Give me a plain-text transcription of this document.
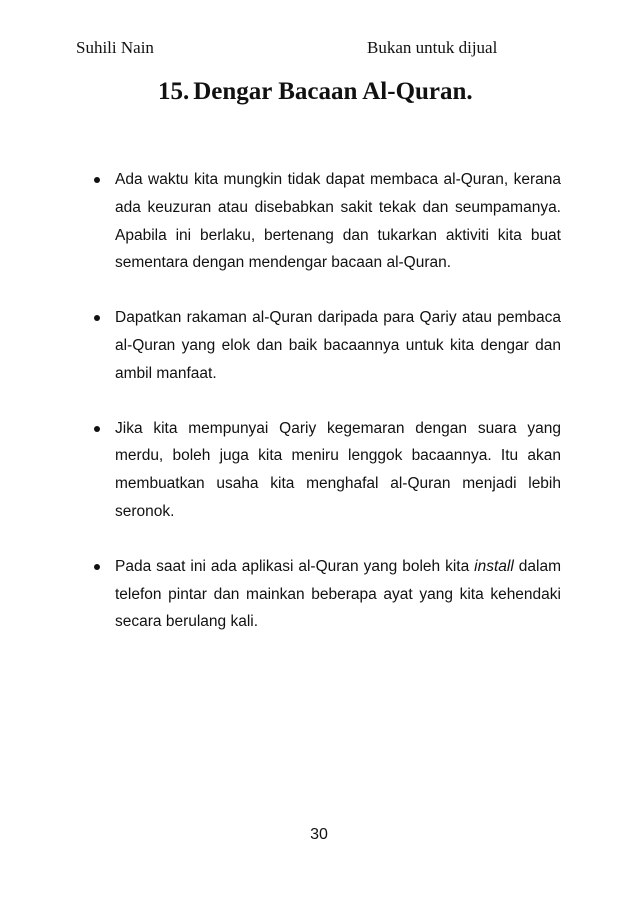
Suhili Nain	Bukan untuk dijual
15. Dengar Bacaan Al-Quran.
Ada waktu kita mungkin tidak dapat membaca al-Quran, kerana ada keuzuran atau disebabkan sakit tekak dan seumpamanya. Apabila ini berlaku, bertenang dan tukarkan aktiviti kita buat sementara dengan mendengar bacaan al-Quran.
Dapatkan rakaman al-Quran daripada para Qariy atau pembaca al-Quran yang elok dan baik bacaannya untuk kita dengar dan ambil manfaat.
Jika kita mempunyai Qariy kegemaran dengan suara yang merdu, boleh juga kita meniru lenggok bacaannya. Itu akan membuatkan usaha kita menghafal al-Quran menjadi lebih seronok.
Pada saat ini ada aplikasi al-Quran yang boleh kita install dalam telefon pintar dan mainkan beberapa ayat yang kita kehendaki secara berulang kali.
30
